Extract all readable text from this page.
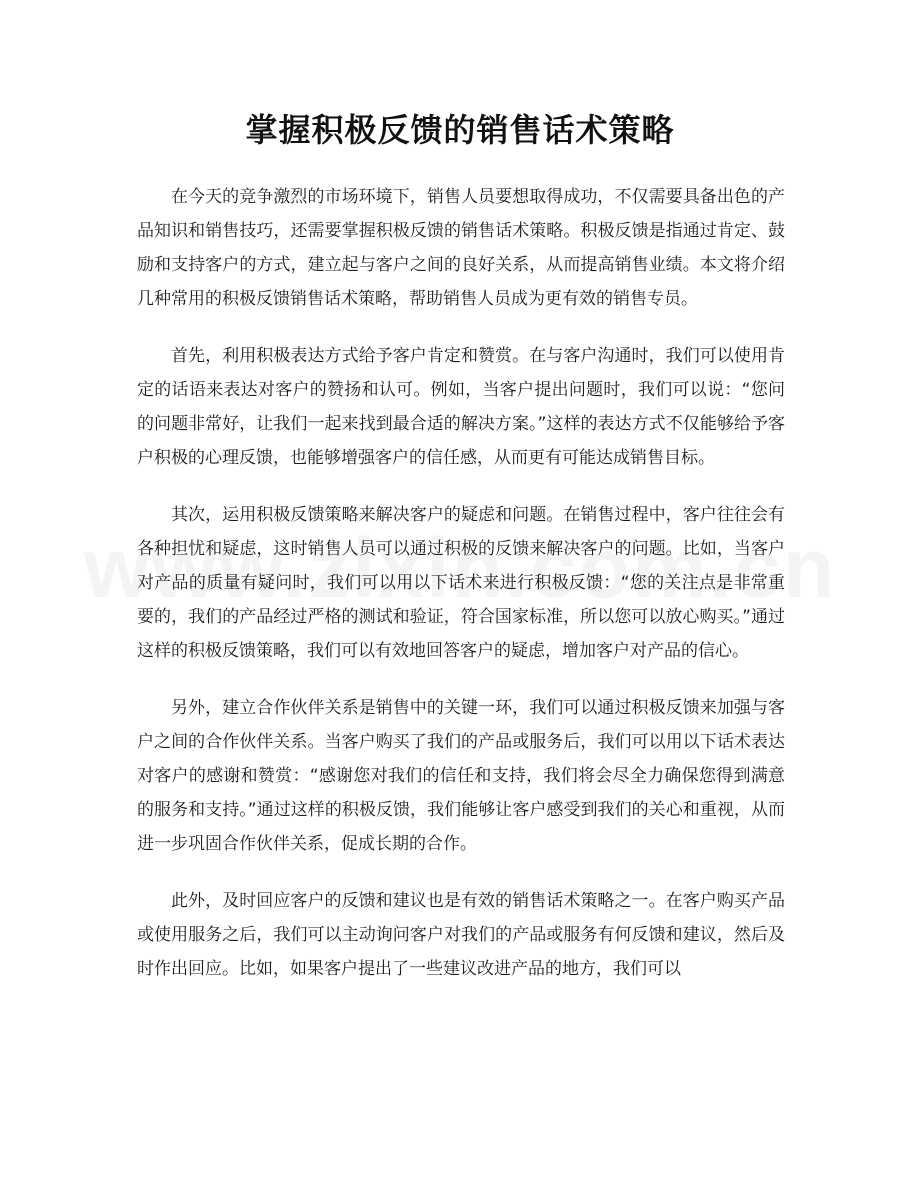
掌握积极反馈的销售话术策略

在今天的竞争激烈的市场环境下，销售人员要想取得成功，不仅需要具备出色的产品知识和销售技巧，还需要掌握积极反馈的销售话术策略。积极反馈是指通过肯定、鼓励和支持客户的方式，建立起与客户之间的良好关系，从而提高销售业绩。本文将介绍几种常用的积极反馈销售话术策略，帮助销售人员成为更有效的销售专员。

首先，利用积极表达方式给予客户肯定和赞赏。在与客户沟通时，我们可以使用肯定的话语来表达对客户的赞扬和认可。例如，当客户提出问题时，我们可以说：“您问的问题非常好，让我们一起来找到最合适的解决方案。”这样的表达方式不仅能够给予客户积极的心理反馈，也能够增强客户的信任感，从而更有可能达成销售目标。

其次，运用积极反馈策略来解决客户的疑虑和问题。在销售过程中，客户往往会有各种担忧和疑虑，这时销售人员可以通过积极的反馈来解决客户的问题。比如，当客户对产品的质量有疑问时，我们可以用以下话术来进行积极反馈：“您的关注点是非常重要的，我们的产品经过严格的测试和验证，符合国家标准，所以您可以放心购买。”通过这样的积极反馈策略，我们可以有效地回答客户的疑虑，增加客户对产品的信心。

另外，建立合作伙伴关系是销售中的关键一环，我们可以通过积极反馈来加强与客户之间的合作伙伴关系。当客户购买了我们的产品或服务后，我们可以用以下话术表达对客户的感谢和赞赏：“感谢您对我们的信任和支持，我们将会尽全力确保您得到满意的服务和支持。”通过这样的积极反馈，我们能够让客户感受到我们的关心和重视，从而进一步巩固合作伙伴关系，促成长期的合作。

此外，及时回应客户的反馈和建议也是有效的销售话术策略之一。在客户购买产品或使用服务之后，我们可以主动询问客户对我们的产品或服务有何反馈和建议，然后及时作出回应。比如，如果客户提出了一些建议改进产品的地方，我们可以
